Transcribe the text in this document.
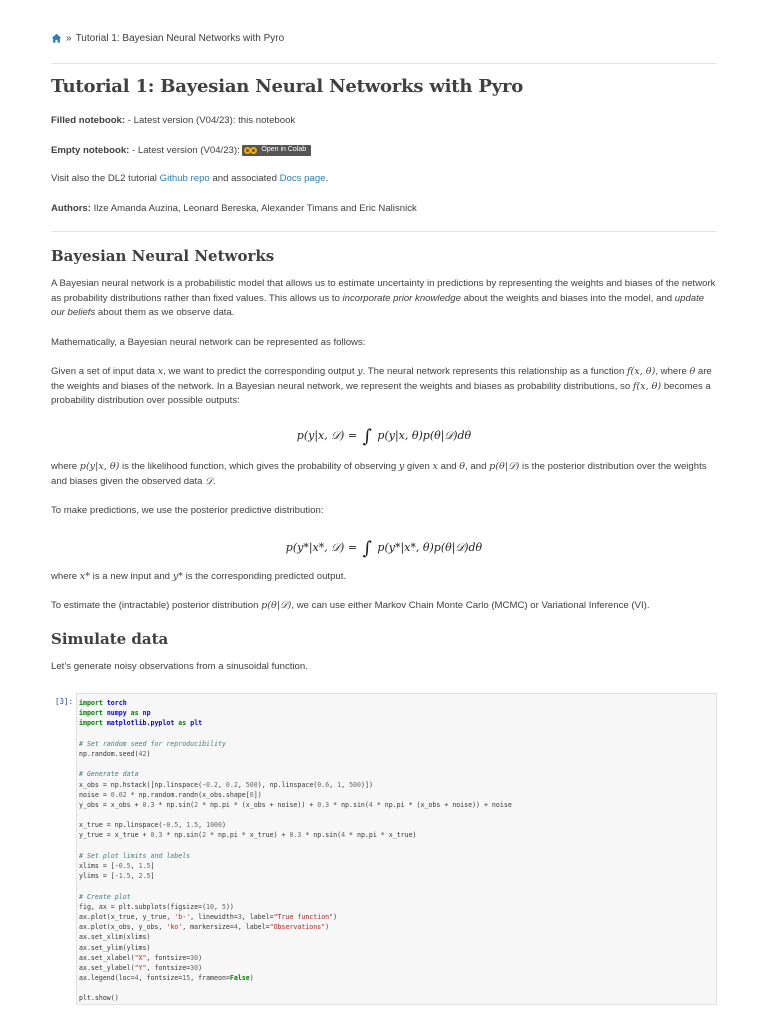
» Tutorial 1: Bayesian Neural Networks with Pyro
Tutorial 1: Bayesian Neural Networks with Pyro
Filled notebook: - Latest version (V04/23): this notebook
Empty notebook: - Latest version (V04/23):	Open in Colab
Visit also the DL2 tutorial Github repo and associated Docs page.
Authors: Ilze Amanda Auzina, Leonard Bereska, Alexander Timans and Eric Nalisnick
Bayesian Neural Networks
A Bayesian neural network is a probabilistic model that allows us to estimate uncertainty in predictions by representing the weights and biases of the network as probability distributions rather than fixed values. This allows us to incorporate prior knowledge about the weights and biases into the model, and update our beliefs about them as we observe data.
Mathematically, a Bayesian neural network can be represented as follows:
Given a set of input data x, we want to predict the corresponding output y. The neural network represents this relationship as a function f(x, θ), where θ are the weights and biases of the network. In a Bayesian neural network, we represent the weights and biases as probability distributions, so f(x, θ) becomes a probability distribution over possible outputs:
p(y|x, 𝒟) = ∫ p(y|x, θ)p(θ|𝒟)dθ
where p(y|x, θ) is the likelihood function, which gives the probability of observing y given x and θ, and p(θ|𝒟) is the posterior distribution over the weights and biases given the observed data 𝒟.
To make predictions, we use the posterior predictive distribution:
p(y*|x*, 𝒟) = ∫ p(y*|x*, θ)p(θ|𝒟)dθ
where x* is a new input and y* is the corresponding predicted output.
To estimate the (intractable) posterior distribution p(θ|𝒟), we can use either Markov Chain Monte Carlo (MCMC) or Variational Inference (VI).
Simulate data
Let’s generate noisy observations from a sinusoidal function.
[3]: import torch
import numpy as np
import matplotlib.pyplot as plt

# Set random seed for reproducibility
np.random.seed(42)

# Generate data
x_obs = np.hstack([np.linspace(-0.2, 0.2, 500), np.linspace(0.6, 1, 500)])
noise = 0.02 * np.random.randn(x_obs.shape[0])
y_obs = x_obs + 0.3 * np.sin(2 * np.pi * (x_obs + noise)) + 0.3 * np.sin(4 * np.pi * (x_obs + noise)) + noise

x_true = np.linspace(-0.5, 1.5, 1000)
y_true = x_true + 0.3 * np.sin(2 * np.pi * x_true) + 0.3 * np.sin(4 * np.pi * x_true)

# Set plot limits and labels
xlims = [-0.5, 1.5]
ylims = [-1.5, 2.5]

# Create plot
fig, ax = plt.subplots(figsize=(10, 5))
ax.plot(x_true, y_true, 'b-', linewidth=3, label="True function")
ax.plot(x_obs, y_obs, 'ko', markersize=4, label="Observations")
ax.set_xlim(xlims)
ax.set_ylim(ylims)
ax.set_xlabel("X", fontsize=30)
ax.set_ylabel("Y", fontsize=30)
ax.legend(loc=4, fontsize=15, frameon=False)

plt.show()
